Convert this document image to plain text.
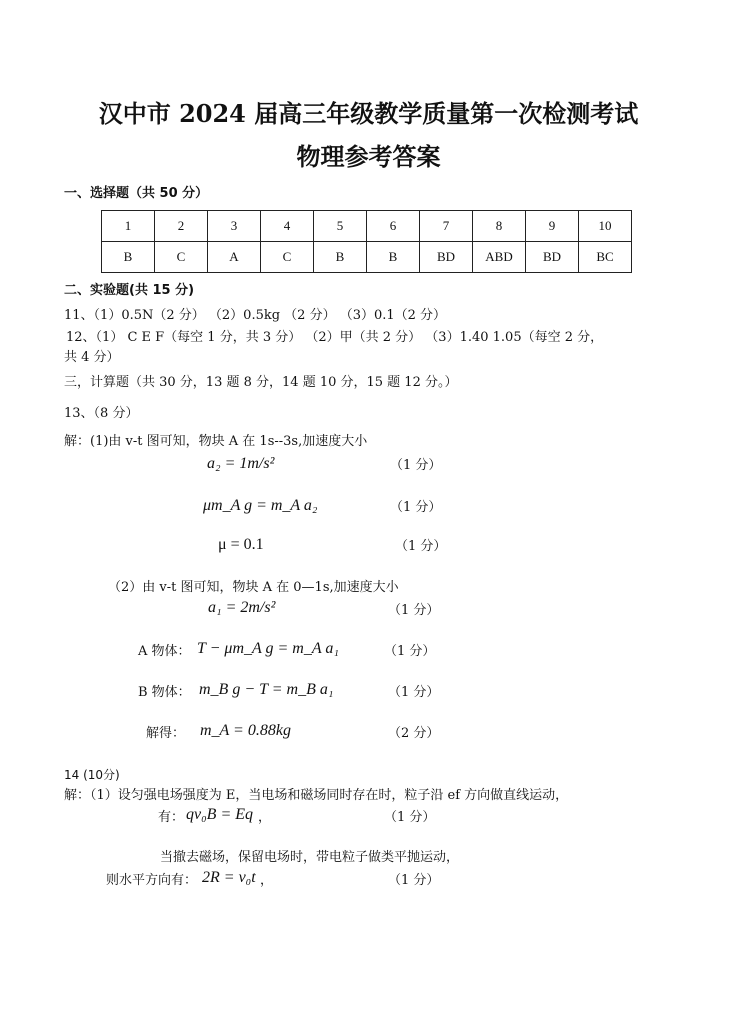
汉中市 2024 届高三年级教学质量第一次检测考试
物理参考答案
一、选择题（共 50 分）
1	2	3	4	5	6	7	8	9	10
B	C	A	C	B	B	BD	ABD	BD	BC
二、实验题(共 15 分)
11、（1）0.5N（2 分） （2）0.5kg （2 分） （3）0.1（2 分）
12、（1） C E F（每空 1 分，共 3 分） （2）甲（共 2 分） （3）1.40 1.05（每空 2 分，
共 4 分）
三，计算题（共 30 分，13 题 8 分，14 题 10 分，15 题 12 分。）
13、（8 分）
解：(1)由 v-t 图可知，物块 A 在 1s--3s,加速度大小
a₂ = 1m/s²	（1 分）
μm_A g = m_A a₂	（1 分）
μ = 0.1	（1 分）
（2）由 v-t 图可知，物块 A 在 0—1s,加速度大小
a₁ = 2m/s²	（1 分）
A 物体： T − μm_A g = m_A a₁	（1 分）
B 物体： m_B g − T = m_B a₁	（1 分）
解得： m_A = 0.88kg	（2 分）
14 (10分)
解：（1）设匀强电场强度为 E，当电场和磁场同时存在时，粒子沿 ef 方向做直线运动，
有： qv₀B = Eq ，	（1 分）
当撤去磁场，保留电场时，带电粒子做类平抛运动，
则水平方向有： 2R = v₀t ，	（1 分）
